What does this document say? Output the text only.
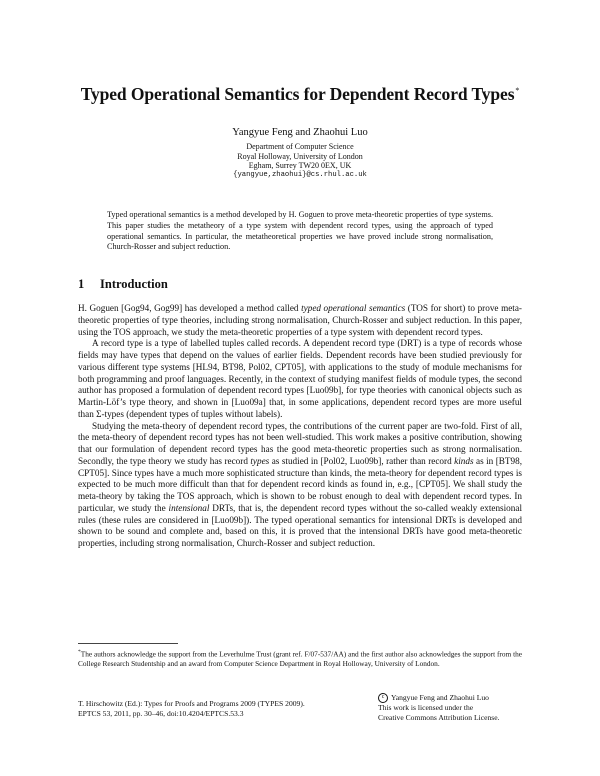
Typed Operational Semantics for Dependent Record Types*
Yangyue Feng and Zhaohui Luo
Department of Computer Science
Royal Holloway, University of London
Egham, Surrey TW20 0EX, UK
{yangyue,zhaohui}@cs.rhul.ac.uk
Typed operational semantics is a method developed by H. Goguen to prove meta-theoretic properties of type systems. This paper studies the metatheory of a type system with dependent record types, using the approach of typed operational semantics. In particular, the metatheoretical properties we have proved include strong normalisation, Church-Rosser and subject reduction.
1 Introduction

H. Goguen [Gog94, Gog99] has developed a method called typed operational semantics (TOS for short) to prove meta-theoretic properties of type theories, including strong normalisation, Church-Rosser and subject reduction. In this paper, using the TOS approach, we study the meta-theoretic properties of a type system with dependent record types.

A record type is a type of labelled tuples called records. A dependent record type (DRT) is a type of records whose fields may have types that depend on the values of earlier fields. Dependent records have been studied previously for various different type systems [HL94, BT98, Pol02, CPT05], with applications to the study of module mechanisms for both programming and proof languages. Recently, in the context of studying manifest fields of module types, the second author has proposed a formulation of dependent record types [Luo09b], for type theories with canonical objects such as Martin-Löf’s type theory, and shown in [Luo09a] that, in some applications, dependent record types are more useful than Σ-types (dependent types of tuples without labels).

Studying the meta-theory of dependent record types, the contributions of the current paper are two-fold. First of all, the meta-theory of dependent record types has not been well-studied. This work makes a positive contribution, showing that our formulation of dependent record types has the good meta-theoretic properties such as strong normalisation. Secondly, the type theory we study has record types as studied in [Pol02, Luo09b], rather than record kinds as in [BT98, CPT05]. Since types have a much more sophisticated structure than kinds, the meta-theory for dependent record types is expected to be much more difficult than that for dependent record kinds as found in, e.g., [CPT05]. We shall study the meta-theory by taking the TOS approach, which is shown to be robust enough to deal with dependent record types. In particular, we study the intensional DRTs, that is, the dependent record types without the so-called weakly extensional rules (these rules are considered in [Luo09b]). The typed operational semantics for intensional DRTs is developed and shown to be sound and complete and, based on this, it is proved that the intensional DRTs have good meta-theoretic properties, including strong normalisation, Church-Rosser and subject reduction.

*The authors acknowledge the support from the Leverhulme Trust (grant ref. F/07-537/AA) and the first author also acknowledges the support from the College Research Studentship and an award from Computer Science Department in Royal Holloway, University of London.
T. Hirschowitz (Ed.): Types for Proofs and Programs 2009 (TYPES 2009).
EPTCS 53, 2011, pp. 30–46, doi:10.4204/EPTCS.53.3
c Yangyue Feng and Zhaohui Luo
This work is licensed under the
Creative Commons Attribution License.
